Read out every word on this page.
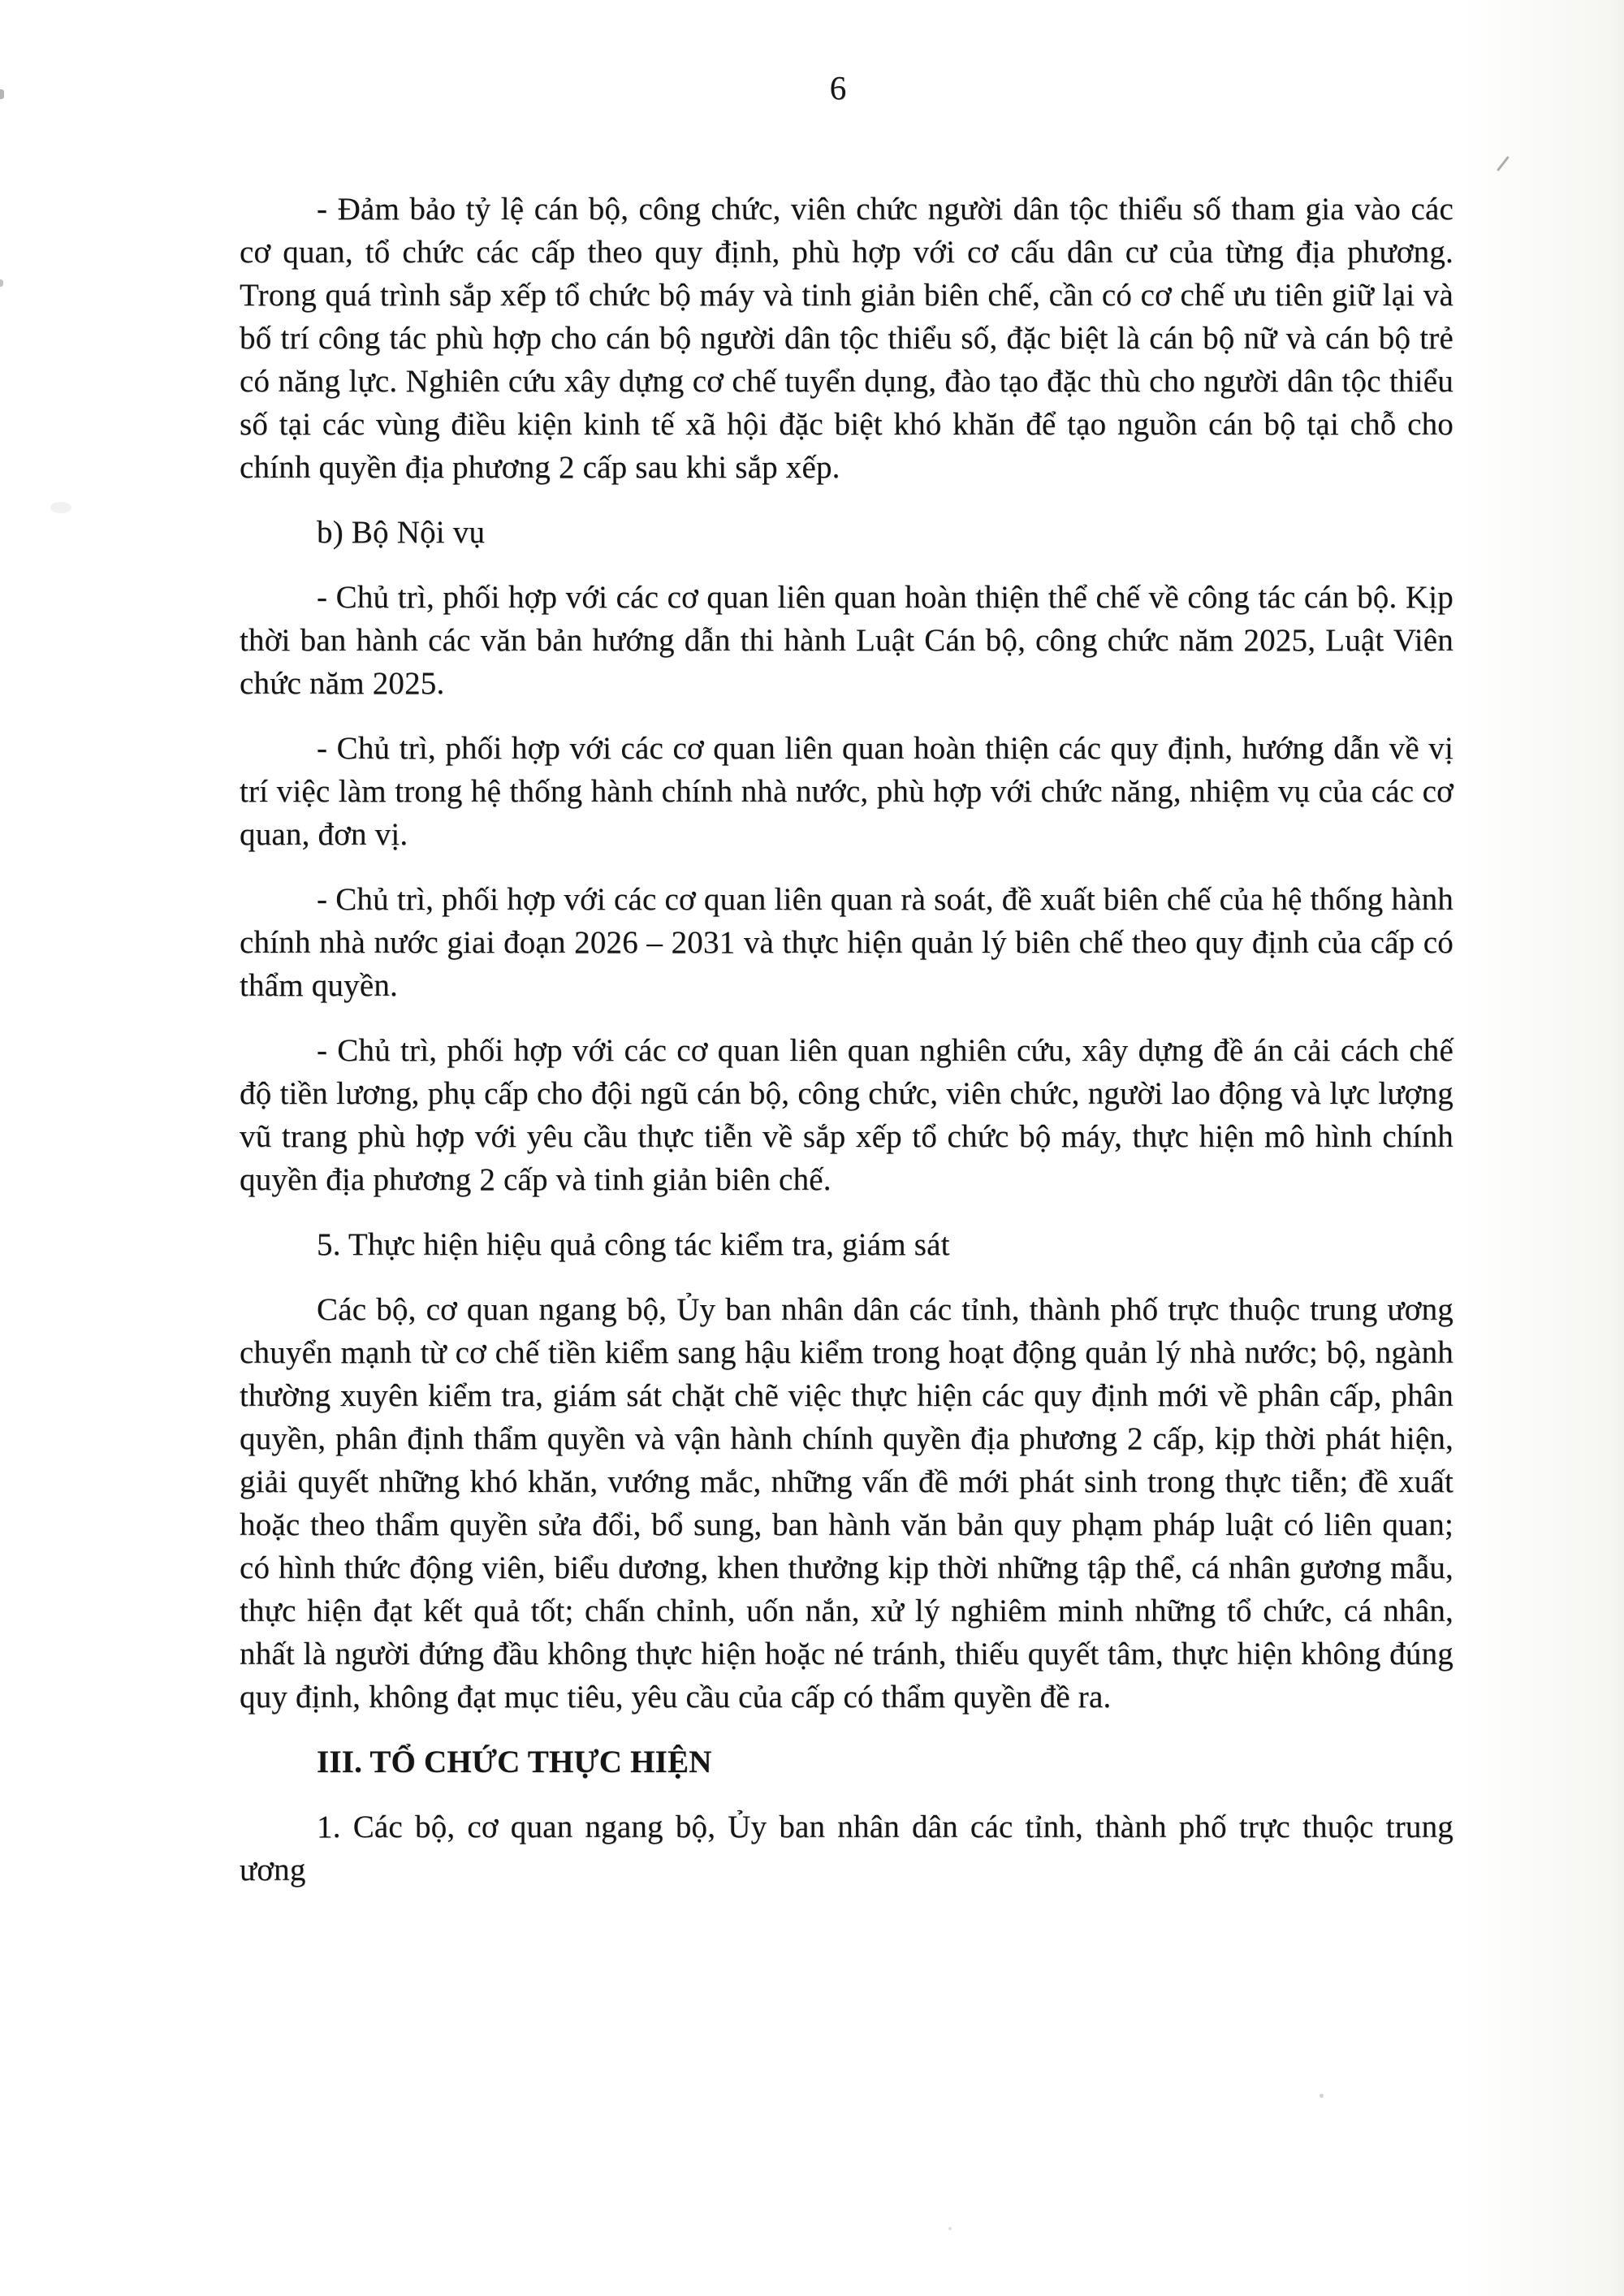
6

- Đảm bảo tỷ lệ cán bộ, công chức, viên chức người dân tộc thiểu số tham gia vào các cơ quan, tổ chức các cấp theo quy định, phù hợp với cơ cấu dân cư của từng địa phương. Trong quá trình sắp xếp tổ chức bộ máy và tinh giản biên chế, cần có cơ chế ưu tiên giữ lại và bố trí công tác phù hợp cho cán bộ người dân tộc thiểu số, đặc biệt là cán bộ nữ và cán bộ trẻ có năng lực. Nghiên cứu xây dựng cơ chế tuyển dụng, đào tạo đặc thù cho người dân tộc thiểu số tại các vùng điều kiện kinh tế xã hội đặc biệt khó khăn để tạo nguồn cán bộ tại chỗ cho chính quyền địa phương 2 cấp sau khi sắp xếp.

b) Bộ Nội vụ

- Chủ trì, phối hợp với các cơ quan liên quan hoàn thiện thể chế về công tác cán bộ. Kịp thời ban hành các văn bản hướng dẫn thi hành Luật Cán bộ, công chức năm 2025, Luật Viên chức năm 2025.

- Chủ trì, phối hợp với các cơ quan liên quan hoàn thiện các quy định, hướng dẫn về vị trí việc làm trong hệ thống hành chính nhà nước, phù hợp với chức năng, nhiệm vụ của các cơ quan, đơn vị.

- Chủ trì, phối hợp với các cơ quan liên quan rà soát, đề xuất biên chế của hệ thống hành chính nhà nước giai đoạn 2026 – 2031 và thực hiện quản lý biên chế theo quy định của cấp có thẩm quyền.

- Chủ trì, phối hợp với các cơ quan liên quan nghiên cứu, xây dựng đề án cải cách chế độ tiền lương, phụ cấp cho đội ngũ cán bộ, công chức, viên chức, người lao động và lực lượng vũ trang phù hợp với yêu cầu thực tiễn về sắp xếp tổ chức bộ máy, thực hiện mô hình chính quyền địa phương 2 cấp và tinh giản biên chế.

5. Thực hiện hiệu quả công tác kiểm tra, giám sát

Các bộ, cơ quan ngang bộ, Ủy ban nhân dân các tỉnh, thành phố trực thuộc trung ương chuyển mạnh từ cơ chế tiền kiểm sang hậu kiểm trong hoạt động quản lý nhà nước; bộ, ngành thường xuyên kiểm tra, giám sát chặt chẽ việc thực hiện các quy định mới về phân cấp, phân quyền, phân định thẩm quyền và vận hành chính quyền địa phương 2 cấp, kịp thời phát hiện, giải quyết những khó khăn, vướng mắc, những vấn đề mới phát sinh trong thực tiễn; đề xuất hoặc theo thẩm quyền sửa đổi, bổ sung, ban hành văn bản quy phạm pháp luật có liên quan; có hình thức động viên, biểu dương, khen thưởng kịp thời những tập thể, cá nhân gương mẫu, thực hiện đạt kết quả tốt; chấn chỉnh, uốn nắn, xử lý nghiêm minh những tổ chức, cá nhân, nhất là người đứng đầu không thực hiện hoặc né tránh, thiếu quyết tâm, thực hiện không đúng quy định, không đạt mục tiêu, yêu cầu của cấp có thẩm quyền đề ra.

III. TỔ CHỨC THỰC HIỆN

1. Các bộ, cơ quan ngang bộ, Ủy ban nhân dân các tỉnh, thành phố trực thuộc trung ương
